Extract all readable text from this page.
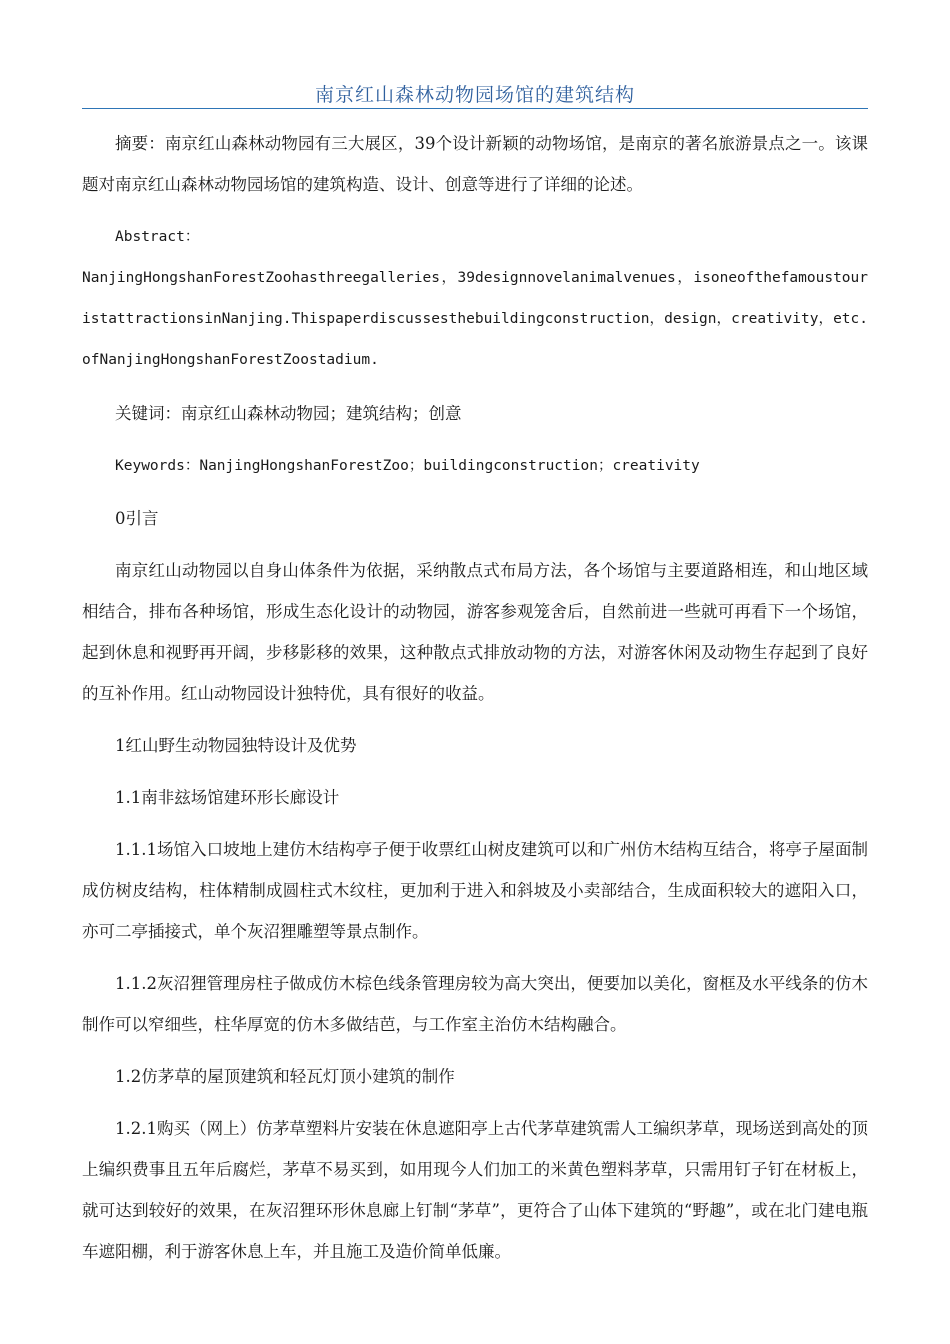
南京红山森林动物园场馆的建筑结构

摘要：南京红山森林动物园有三大展区，39个设计新颖的动物场馆，是南京的著名旅游景点之一。该课题对南京红山森林动物园场馆的建筑构造、设计、创意等进行了详细的论述。

Abstract：

NanjingHongshanForestZoohasthreegalleries，39designnovelanimalvenues，isoneofthefamoustouristattractionsinNanjing.Thispaperdiscussesthebuildingconstruction，design，creativity，etc.ofNanjingHongshanForestZoostadium.

关键词：南京红山森林动物园；建筑结构；创意

Keywords：NanjingHongshanForestZoo；buildingconstruction；creativity

0引言

南京红山动物园以自身山体条件为依据，采纳散点式布局方法，各个场馆与主要道路相连，和山地区域相结合，排布各种场馆，形成生态化设计的动物园，游客参观笼舍后，自然前进一些就可再看下一个场馆，起到休息和视野再开阔，步移影移的效果，这种散点式排放动物的方法，对游客休闲及动物生存起到了良好的互补作用。红山动物园设计独特优，具有很好的收益。

1红山野生动物园独特设计及优势

1.1南非玆场馆建环形长廊设计

1.1.1场馆入口坡地上建仿木结构亭子便于收票红山树皮建筑可以和广州仿木结构互结合，将亭子屋面制成仿树皮结构，柱体精制成圆柱式木纹柱，更加利于进入和斜坡及小卖部结合，生成面积较大的遮阳入口，亦可二亭插接式，单个灰沼狸雕塑等景点制作。

1.1.2灰沼狸管理房柱子做成仿木棕色线条管理房较为高大突出，便要加以美化，窗框及水平线条的仿木制作可以窄细些，柱华厚宽的仿木多做结芭，与工作室主治仿木结构融合。

1.2仿茅草的屋顶建筑和轻瓦灯顶小建筑的制作

1.2.1购买（网上）仿茅草塑料片安装在休息遮阳亭上古代茅草建筑需人工编织茅草，现场送到高处的顶上编织费事且五年后腐烂，茅草不易买到，如用现今人们加工的米黄色塑料茅草，只需用钉子钉在材板上，就可达到较好的效果，在灰沼狸环形休息廊上钉制“茅草”，更符合了山体下建筑的“野趣”，或在北门建电瓶车遮阳棚，利于游客休息上车，并且施工及造价简单低廉。
